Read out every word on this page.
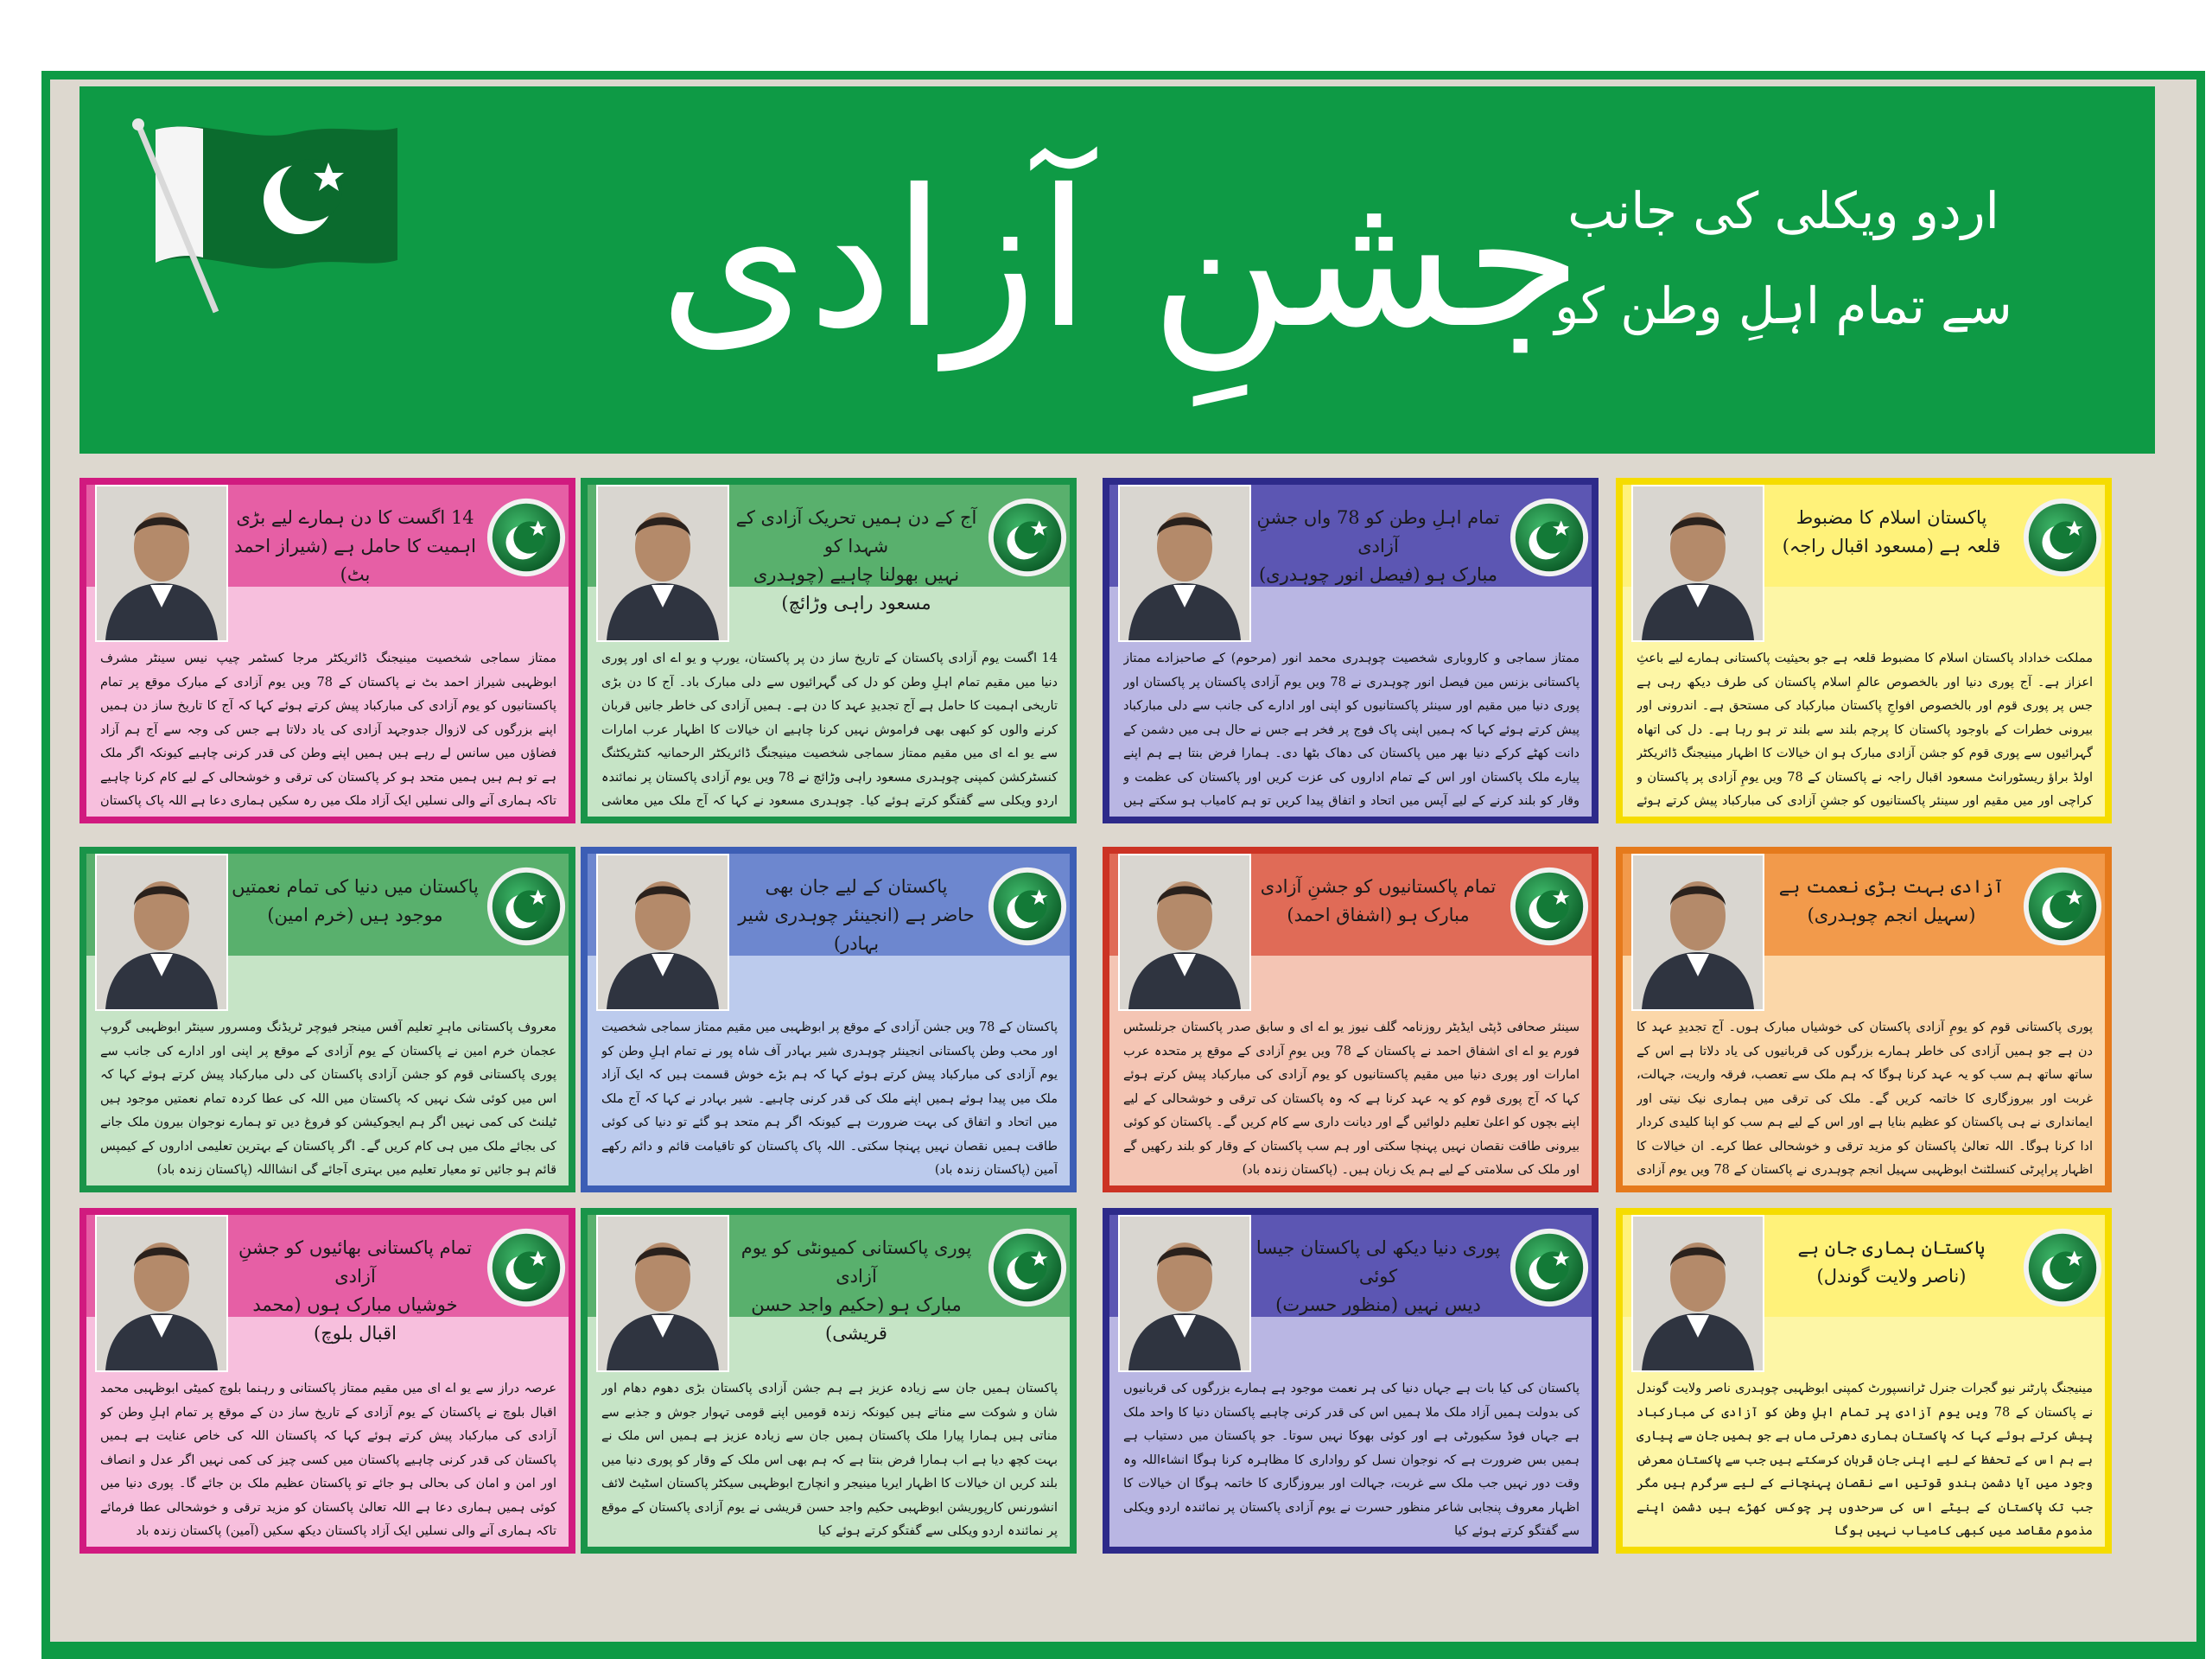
جشنِ آزادی	اردو ویکلی کی جانب
سے تمام اہلِ وطن کو
پاکستان اسلام کا مضبوط
قلعہ ہے (مسعود اقبال راجہ)
مملکت خداداد پاکستان اسلام کا مضبوط قلعہ ہے جو بحیثیت پاکستانی ہمارے لیے باعثِ اعزاز ہے۔ آج پوری دنیا اور بالخصوص عالمِ اسلام پاکستان کی طرف دیکھ رہی ہے جس پر پوری قوم اور بالخصوص افواجِ پاکستان مبارکباد کی مستحق ہے۔ اندرونی اور بیرونی خطرات کے باوجود پاکستان کا پرچم بلند سے بلند تر ہو رہا ہے۔ دل کی اتھاہ گہرائیوں سے پوری قوم کو جشن آزادی مبارک ہو ان خیالات کا اظہار مینیجنگ ڈائریکٹر اولڈ براؤ ریسٹورانٹ مسعود اقبال راجہ نے پاکستان کے 78 ویں یومِ آزادی پر پاکستان و کراچی اور میں مقیم اور سینئر پاکستانیوں کو جشنِ آزادی کی مبارکباد پیش کرتے ہوئے
تمام اہلِ وطن کو 78 واں جشنِ آزادی
مبارک ہو (فیصل انور چوہدری)
ممتاز سماجی و کاروباری شخصیت چوہدری محمد انور (مرحوم) کے صاحبزادے ممتاز پاکستانی بزنس مین فیصل انور چوہدری نے 78 ویں یوم آزادی پاکستان پر پاکستان اور پوری دنیا میں مقیم اور سینئر پاکستانیوں کو اپنی اور ادارے کی جانب سے دلی مبارکباد پیش کرتے ہوئے کہا کہ ہمیں اپنی پاک فوج پر فخر ہے جس نے حال ہی میں دشمن کے دانت کھٹے کرکے دنیا بھر میں پاکستان کی دھاک بٹھا دی۔ ہمارا فرض بنتا ہے ہم اپنے پیارے ملک پاکستان اور اس کے تمام اداروں کی عزت کریں اور پاکستان کی عظمت و وقار کو بلند کرنے کے لیے آپس میں اتحاد و اتفاق پیدا کریں تو ہم کامیاب ہو سکتے ہیں
آج کے دن ہمیں تحریک آزادی کے شہدا کو
نہیں بھولنا چاہیے (چوہدری مسعود راہی وڑائچ)
14 اگست یوم آزادی پاکستان کے تاریخ ساز دن پر پاکستان، یورپ و یو اے ای اور پوری دنیا میں مقیم تمام اہلِ وطن کو دل کی گہرائیوں سے دلی مبارک باد۔ آج کا دن بڑی تاریخی اہمیت کا حامل ہے آج تجدیدِ عہد کا دن ہے۔ ہمیں آزادی کی خاطر جانیں قربان کرنے والوں کو کبھی بھی فراموش نہیں کرنا چاہیے ان خیالات کا اظہار عرب امارات سے یو اے ای میں مقیم ممتاز سماجی شخصیت مینیجنگ ڈائریکٹر الرحمانیہ کنٹریکٹنگ کنسٹرکشن کمپنی چوہدری مسعود راہی وڑائچ نے 78 ویں یوم آزادی پاکستان پر نمائندہ اردو ویکلی سے گفتگو کرتے ہوئے کیا۔ چوہدری مسعود نے کہا کہ آج ملک میں معاشی
14 اگست کا دن ہمارے لیے بڑی
اہمیت کا حامل ہے (شیراز احمد بٹ)
ممتاز سماجی شخصیت مینیجنگ ڈائریکٹر مرجا کسٹمر چیپ نیس سینٹر مشرف ابوظہبی شیراز احمد بٹ نے پاکستان کے 78 ویں یوم آزادی کے مبارک موقع پر تمام پاکستانیوں کو یوم آزادی کی مبارکباد پیش کرتے ہوئے کہا کہ آج کا تاریخ ساز دن ہمیں اپنے بزرگوں کی لازوال جدوجہد آزادی کی یاد دلاتا ہے جس کی وجہ سے آج ہم آزاد فضاؤں میں سانس لے رہے ہیں ہمیں اپنے وطن کی قدر کرنی چاہیے کیونکہ اگر ملک ہے تو ہم ہیں ہمیں متحد ہو کر پاکستان کی ترقی و خوشحالی کے لیے کام کرنا چاہیے تاکہ ہماری آنے والی نسلیں ایک آزاد ملک میں رہ سکیں ہماری دعا ہے اللہ پاک پاکستان
آزادی بہت بڑی نعمت ہے
(سہیل انجم چوہدری)
پوری پاکستانی قوم کو یومِ آزادی پاکستان کی خوشیاں مبارک ہوں۔ آج تجدیدِ عہد کا دن ہے جو ہمیں آزادی کی خاطر ہمارے بزرگوں کی قربانیوں کی یاد دلاتا ہے اس کے ساتھ ساتھ ہم سب کو یہ عہد کرنا ہوگا کہ ہم ملک سے تعصب، فرقہ واریت، جہالت، غربت اور بیروزگاری کا خاتمہ کریں گے۔ ملک کی ترقی میں ہماری نیک نیتی اور ایمانداری نے ہی پاکستان کو عظیم بنایا ہے اور اس کے لیے ہم سب کو اپنا کلیدی کردار ادا کرنا ہوگا۔ اللہ تعالیٰ پاکستان کو مزید ترقی و خوشحالی عطا کرے۔ ان خیالات کا اظہار پراپرٹی کنسلٹنٹ ابوظہبی سہیل انجم چوہدری نے پاکستان کے 78 ویں یوم آزادی
تمام پاکستانیوں کو جشنِ آزادی
مبارک ہو (اشفاق احمد)
سینئر صحافی ڈپٹی ایڈیٹر روزنامہ گلف نیوز یو اے ای و سابق صدر پاکستان جرنلسٹس فورم یو اے ای اشفاق احمد نے پاکستان کے 78 ویں یومِ آزادی کے موقع پر متحدہ عرب امارات اور پوری دنیا میں مقیم پاکستانیوں کو یوم آزادی کی مبارکباد پیش کرتے ہوئے کہا کہ آج پوری قوم کو یہ عہد کرنا ہے کہ وہ پاکستان کی ترقی و خوشحالی کے لیے اپنے بچوں کو اعلیٰ تعلیم دلوائیں گے اور دیانت داری سے کام کریں گے۔ پاکستان کو کوئی بیرونی طاقت نقصان نہیں پہنچا سکتی اور ہم سب پاکستان کے وقار کو بلند رکھیں گے اور ملک کی سلامتی کے لیے ہم یک زبان ہیں۔ (پاکستان زندہ باد)
پاکستان کے لیے جان بھی
حاضر ہے (انجینئر چوہدری شیر بہادر)
پاکستان کے 78 ویں جشن آزادی کے موقع پر ابوظہبی میں مقیم ممتاز سماجی شخصیت اور محب وطن پاکستانی انجینئر چوہدری شیر بہادر آف شاہ پور نے تمام اہلِ وطن کو یوم آزادی کی مبارکباد پیش کرتے ہوئے کہا کہ ہم بڑے خوش قسمت ہیں کہ ایک آزاد ملک میں پیدا ہوئے ہمیں اپنے ملک کی قدر کرنی چاہیے۔ شیر بہادر نے کہا کہ آج ملک میں اتحاد و اتفاق کی بہت ضرورت ہے کیونکہ اگر ہم متحد ہو گئے تو دنیا کی کوئی طاقت ہمیں نقصان نہیں پہنچا سکتی۔ اللہ پاک پاکستان کو تاقیامت قائم و دائم رکھے آمین (پاکستان زندہ باد)
پاکستان میں دنیا کی تمام نعمتیں
موجود ہیں (خرم امین)
معروف پاکستانی ماہرِ تعلیم آفس مینجر فیوچر ٹریڈنگ ومسرور سینٹر ابوظہبی گروپ عجمان خرم امین نے پاکستان کے یوم آزادی کے موقع پر اپنی اور ادارے کی جانب سے پوری پاکستانی قوم کو جشن آزادی پاکستان کی دلی مبارکباد پیش کرتے ہوئے کہا کہ اس میں کوئی شک نہیں کہ پاکستان میں اللہ کی عطا کردہ تمام نعمتیں موجود ہیں ٹیلنٹ کی کمی نہیں اگر ہم ایجوکیشن کو فروغ دیں تو ہمارے نوجوان بیرون ملک جانے کی بجائے ملک میں ہی کام کریں گے۔ اگر پاکستان کے بہترین تعلیمی اداروں کے کیمپس قائم ہو جائیں تو معیار تعلیم میں بہتری آجائے گی انشااللہ (پاکستان زندہ باد)
پاکستان ہماری جان ہے
(ناصر ولایت گوندل)
مینیجنگ پارٹنر نیو گجرات جنرل ٹرانسپورٹ کمپنی ابوظہبی چوہدری ناصر ولایت گوندل نے پاکستان کے 78 ویں یوم آزادی پر تمام اہلِ وطن کو آزادی کی مبارکباد پیش کرتے ہوئے کہا کہ پاکستان ہماری دھرتی ماں ہے جو ہمیں جان سے پیاری ہے ہم اس کے تحفظ کے لیے اپنی جان قربان کرسکتے ہیں جب سے پاکستان معرض وجود میں آیا دشمن ہندو قوتیں اسے نقصان پہنچانے کے لیے سرگرم ہیں مگر جب تک پاکستان کے بیٹے اس کی سرحدوں پر چوکس کھڑے ہیں دشمن اپنے مذموم مقاصد میں کبھی کامیاب نہیں ہوگا
پوری دنیا دیکھ لی پاکستان جیسا کوئی
دیس نہیں (منظور حسرت)
پاکستان کی کیا بات ہے جہاں دنیا کی ہر نعمت موجود ہے ہمارے بزرگوں کی قربانیوں کی بدولت ہمیں آزاد ملک ملا ہمیں اس کی قدر کرنی چاہیے پاکستان دنیا کا واحد ملک ہے جہاں فوڈ سکیورٹی ہے اور کوئی بھوکا نہیں سوتا۔ جو پاکستان میں دستیاب ہے ہمیں بس ضرورت ہے کہ نوجوان نسل کو رواداری کا مظاہرہ کرنا ہوگا انشاءاللہ وہ وقت دور نہیں جب ملک سے غربت، جہالت اور بیروزگاری کا خاتمہ ہوگا ان خیالات کا اظہار معروف پنجابی شاعر منظور حسرت نے یوم آزادی پاکستان پر نمائندہ اردو ویکلی سے گفتگو کرتے ہوئے کیا
پوری پاکستانی کمیونٹی کو یوم آزادی
مبارک ہو (حکیم واجد حسن قریشی)
پاکستان ہمیں جان سے زیادہ عزیز ہے ہم جشن آزادی پاکستان بڑی دھوم دھام اور شان و شوکت سے مناتے ہیں کیونکہ زندہ قومیں اپنے قومی تہوار جوش و جذبے سے مناتی ہیں ہمارا پیارا ملک پاکستان ہمیں جان سے زیادہ عزیز ہے ہمیں اس ملک نے بہت کچھ دیا ہے اب ہمارا فرض بنتا ہے کہ ہم بھی اس ملک کے وقار کو پوری دنیا میں بلند کریں ان خیالات کا اظہار ایریا مینیجر و انچارج ابوظہبی سیکٹر پاکستان اسٹیٹ لائف انشورنس کارپوریشن ابوظہبی حکیم واجد حسن قریشی نے یوم آزادی پاکستان کے موقع پر نمائندہ اردو ویکلی سے گفتگو کرتے ہوئے کیا
تمام پاکستانی بھائیوں کو جشنِ آزادی
خوشیاں مبارک ہوں (محمد اقبال بلوچ)
عرصہ دراز سے یو اے ای میں مقیم ممتاز پاکستانی و رہنما بلوچ کمیٹی ابوظہبی محمد اقبال بلوچ نے پاکستان کے یوم آزادی کے تاریخ ساز دن کے موقع پر تمام اہلِ وطن کو آزادی کی مبارکباد پیش کرتے ہوئے کہا کہ پاکستان اللہ کی خاص عنایت ہے ہمیں پاکستان کی قدر کرنی چاہیے پاکستان میں کسی چیز کی کمی نہیں اگر عدل و انصاف اور امن و امان کی بحالی ہو جائے تو پاکستان عظیم ملک بن جائے گا۔ پوری دنیا میں کوئی ہمیں ہماری دعا ہے اللہ تعالیٰ پاکستان کو مزید ترقی و خوشحالی عطا فرمائے تاکہ ہماری آنے والی نسلیں ایک آزاد پاکستان دیکھ سکیں (آمین) پاکستان زندہ باد
